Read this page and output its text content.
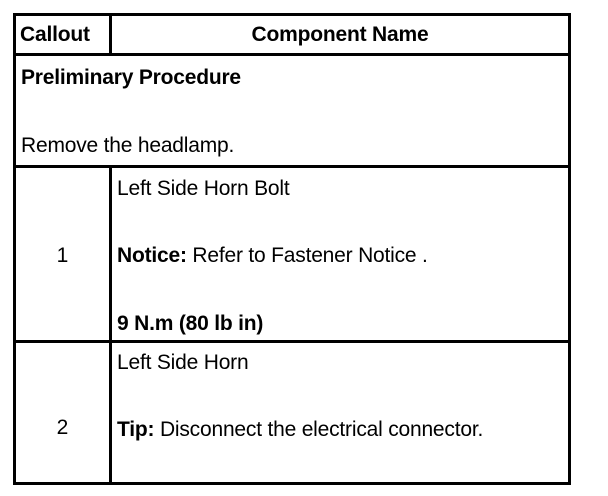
Callout	Component Name
Preliminary Procedure
Remove the headlamp.
1
Left Side Horn Bolt
Notice: Refer to Fastener Notice .
9 N.m (80 lb in)
2
Left Side Horn
Tip: Disconnect the electrical connector.
